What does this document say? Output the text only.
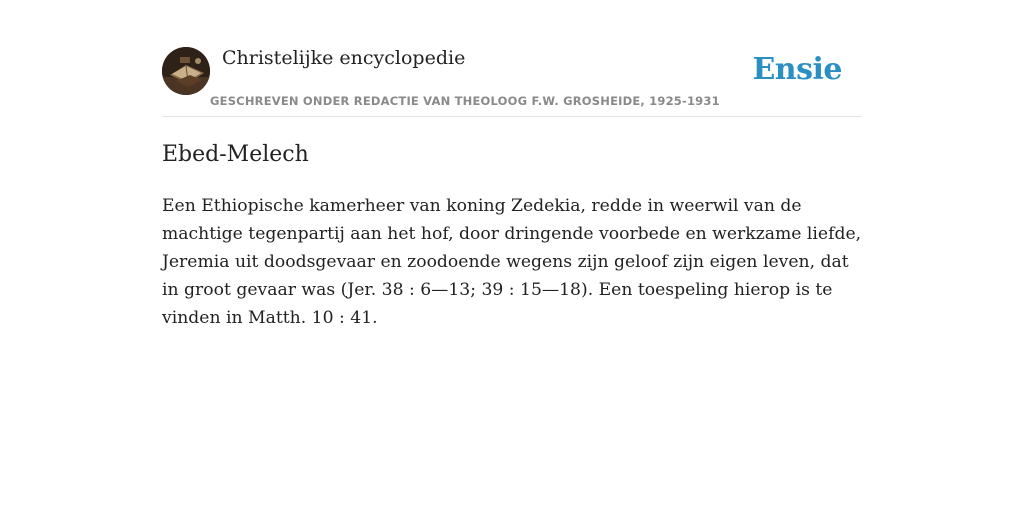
Christelijke encyclopedie
GESCHREVEN ONDER REDACTIE VAN THEOLOOG F.W. GROSHEIDE, 1925-1931
Ensie
Ebed-Melech

Een Ethiopische kamerheer van koning Zedekia, redde in weerwil van de machtige tegenpartij aan het hof, door dringende voorbede en werkzame liefde, Jeremia uit doodsgevaar en zoodoende wegens zijn geloof zijn eigen leven, dat in groot gevaar was (Jer. 38 : 6—13; 39 : 15—18). Een toespeling hierop is te vinden in Matth. 10 : 41.
